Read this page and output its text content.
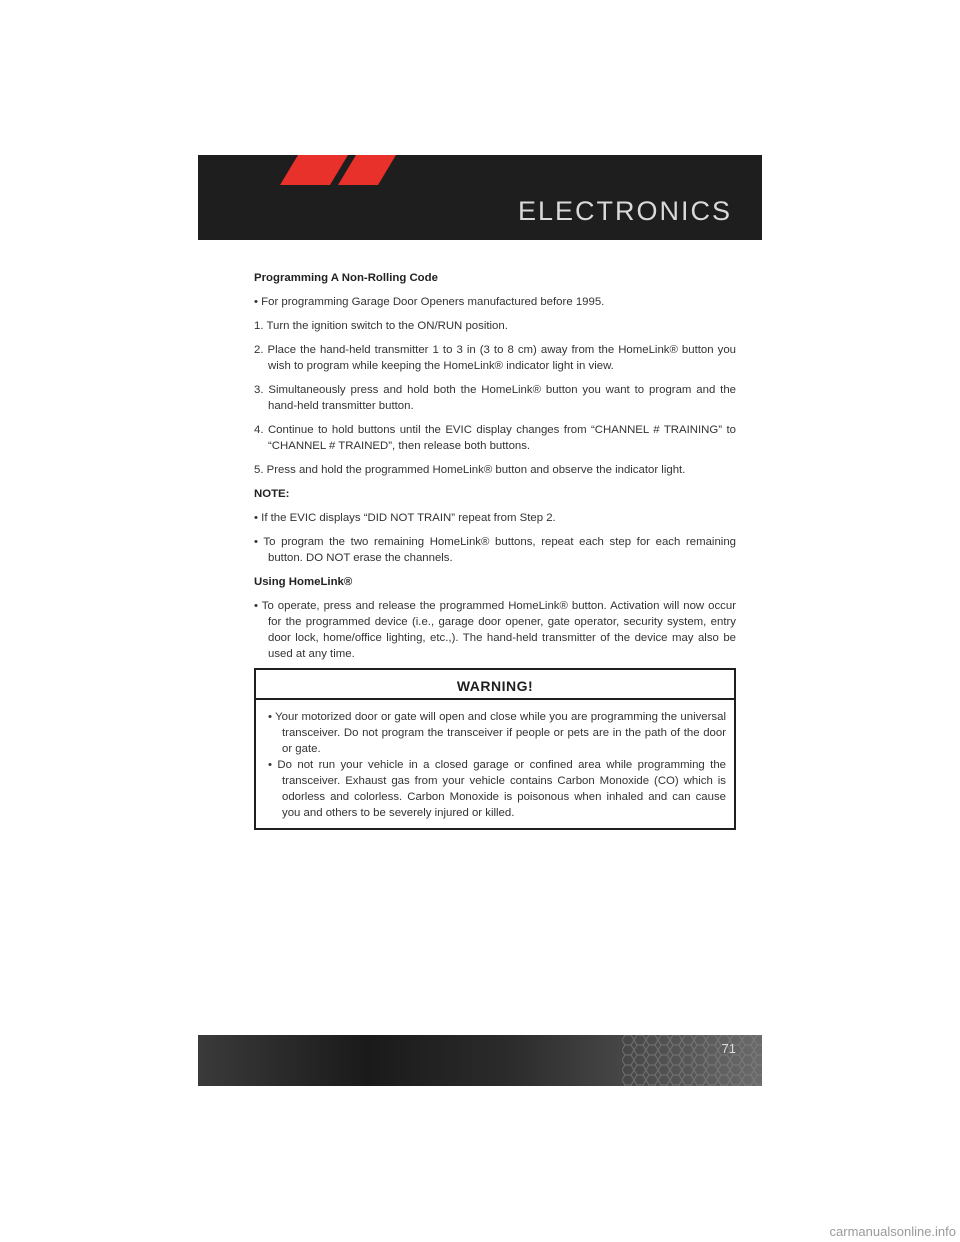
ELECTRONICS

Programming A Non-Rolling Code

• For programming Garage Door Openers manufactured before 1995.

1. Turn the ignition switch to the ON/RUN position.

2. Place the hand-held transmitter 1 to 3 in (3 to 8 cm) away from the HomeLink® button you wish to program while keeping the HomeLink® indicator light in view.

3. Simultaneously press and hold both the HomeLink® button you want to program and the hand-held transmitter button.

4. Continue to hold buttons until the EVIC display changes from “CHANNEL # TRAINING” to “CHANNEL # TRAINED”, then release both buttons.

5. Press and hold the programmed HomeLink® button and observe the indicator light.

NOTE:

• If the EVIC displays “DID NOT TRAIN” repeat from Step 2.

• To program the two remaining HomeLink® buttons, repeat each step for each remaining button. DO NOT erase the channels.

Using HomeLink®

• To operate, press and release the programmed HomeLink® button. Activation will now occur for the programmed device (i.e., garage door opener, gate operator, security system, entry door lock, home/office lighting, etc.,). The hand-held transmitter of the device may also be used at any time.

WARNING!
• Your motorized door or gate will open and close while you are programming the universal transceiver. Do not program the transceiver if people or pets are in the path of the door or gate.
• Do not run your vehicle in a closed garage or confined area while programming the transceiver. Exhaust gas from your vehicle contains Carbon Monoxide (CO) which is odorless and colorless. Carbon Monoxide is poisonous when inhaled and can cause you and others to be severely injured or killed.
71
carmanualsonline.info
